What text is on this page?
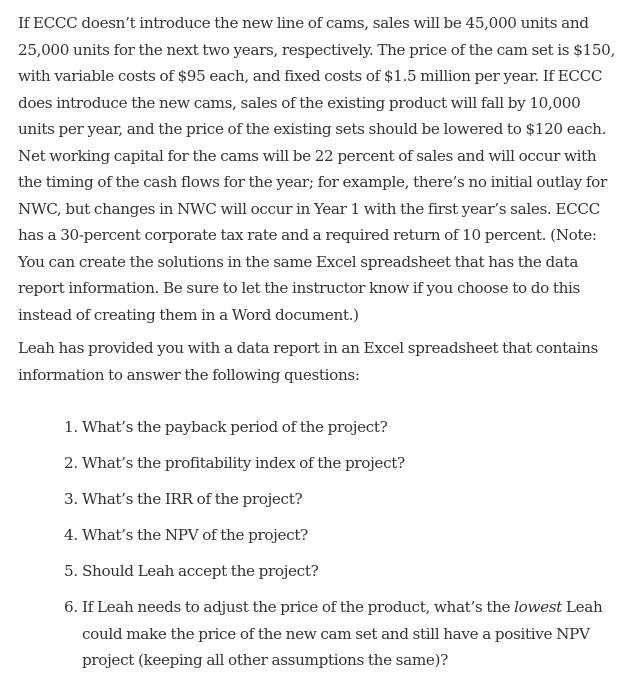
If ECCC doesn’t introduce the new line of cams, sales will be 45,000 units and 25,000 units for the next two years, respectively. The price of the cam set is $150, with variable costs of $95 each, and fixed costs of $1.5 million per year. If ECCC does introduce the new cams, sales of the existing product will fall by 10,000 units per year, and the price of the existing sets should be lowered to $120 each. Net working capital for the cams will be 22 percent of sales and will occur with the timing of the cash flows for the year; for example, there’s no initial outlay for NWC, but changes in NWC will occur in Year 1 with the first year’s sales. ECCC has a 30-percent corporate tax rate and a required return of 10 percent. (Note: You can create the solutions in the same Excel spreadsheet that has the data report information. Be sure to let the instructor know if you choose to do this instead of creating them in a Word document.)

Leah has provided you with a data report in an Excel spreadsheet that contains information to answer the following questions:

1. What’s the payback period of the project?
2. What’s the profitability index of the project?
3. What’s the IRR of the project?
4. What’s the NPV of the project?
5. Should Leah accept the project?
6. If Leah needs to adjust the price of the product, what’s the lowest Leah could make the price of the new cam set and still have a positive NPV project (keeping all other assumptions the same)?
